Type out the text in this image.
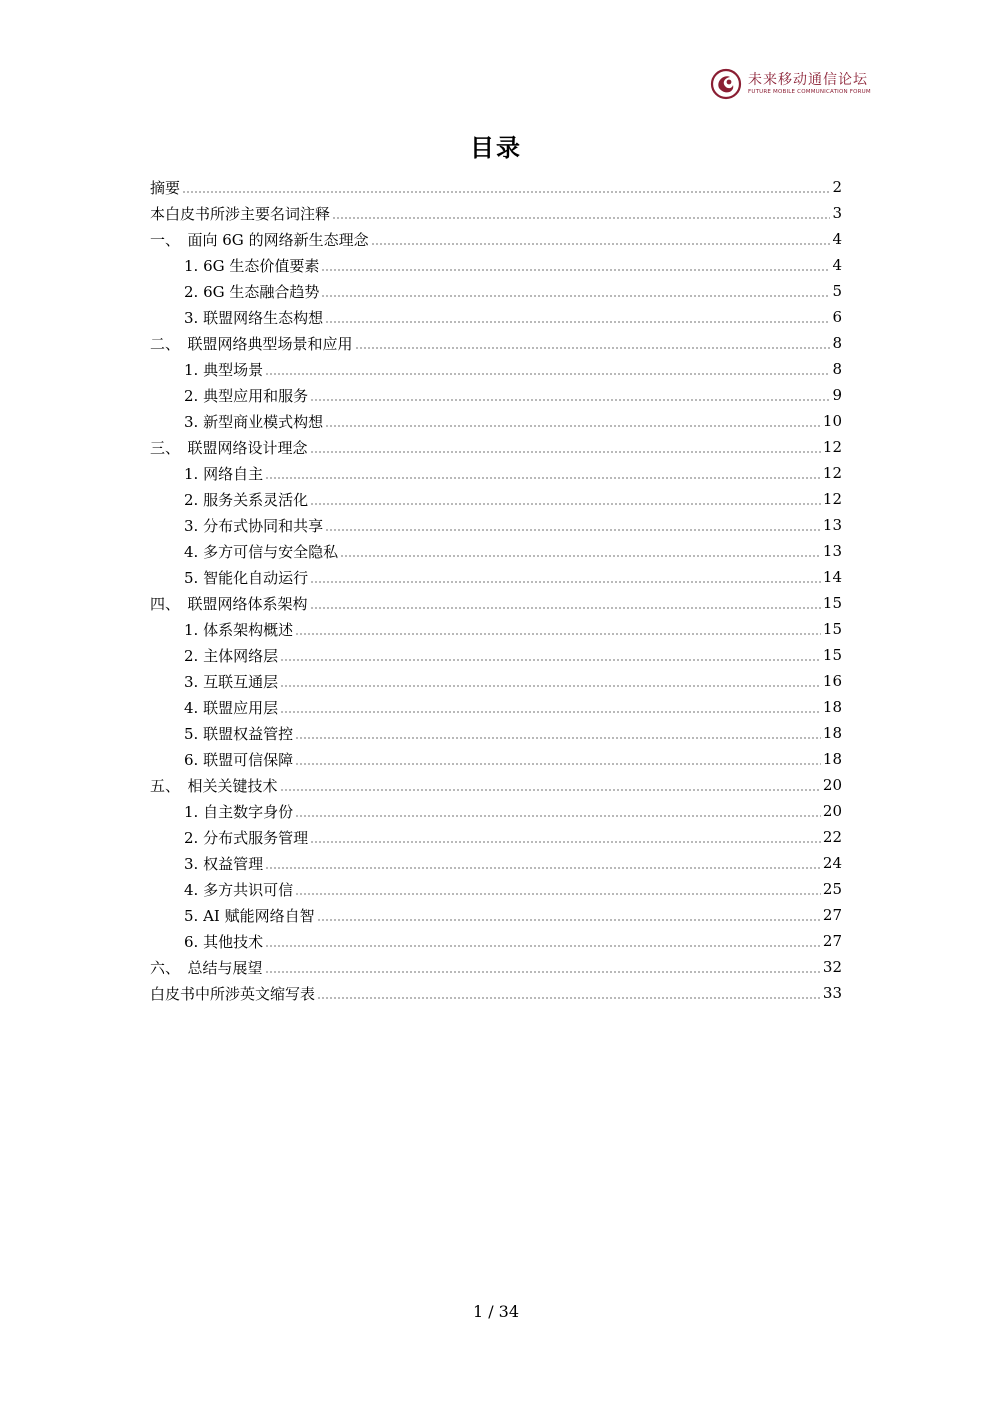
未来移动通信论坛
FUTURE MOBILE COMMUNICATION FORUM
目录
摘要	2
本白皮书所涉主要名词注释	3
一、　面向 6G 的网络新生态理念	4
1. 6G 生态价值要素	4
2. 6G 生态融合趋势	5
3. 联盟网络生态构想	6
二、　联盟网络典型场景和应用	8
1. 典型场景	8
2. 典型应用和服务	9
3. 新型商业模式构想	10
三、　联盟网络设计理念	12
1. 网络自主	12
2. 服务关系灵活化	12
3. 分布式协同和共享	13
4. 多方可信与安全隐私	13
5. 智能化自动运行	14
四、　联盟网络体系架构	15
1. 体系架构概述	15
2. 主体网络层	15
3. 互联互通层	16
4. 联盟应用层	18
5. 联盟权益管控	18
6. 联盟可信保障	18
五、　相关关键技术	20
1. 自主数字身份	20
2. 分布式服务管理	22
3. 权益管理	24
4. 多方共识可信	25
5. AI 赋能网络自智	27
6. 其他技术	27
六、　总结与展望	32
白皮书中所涉英文缩写表	33
1 / 34
